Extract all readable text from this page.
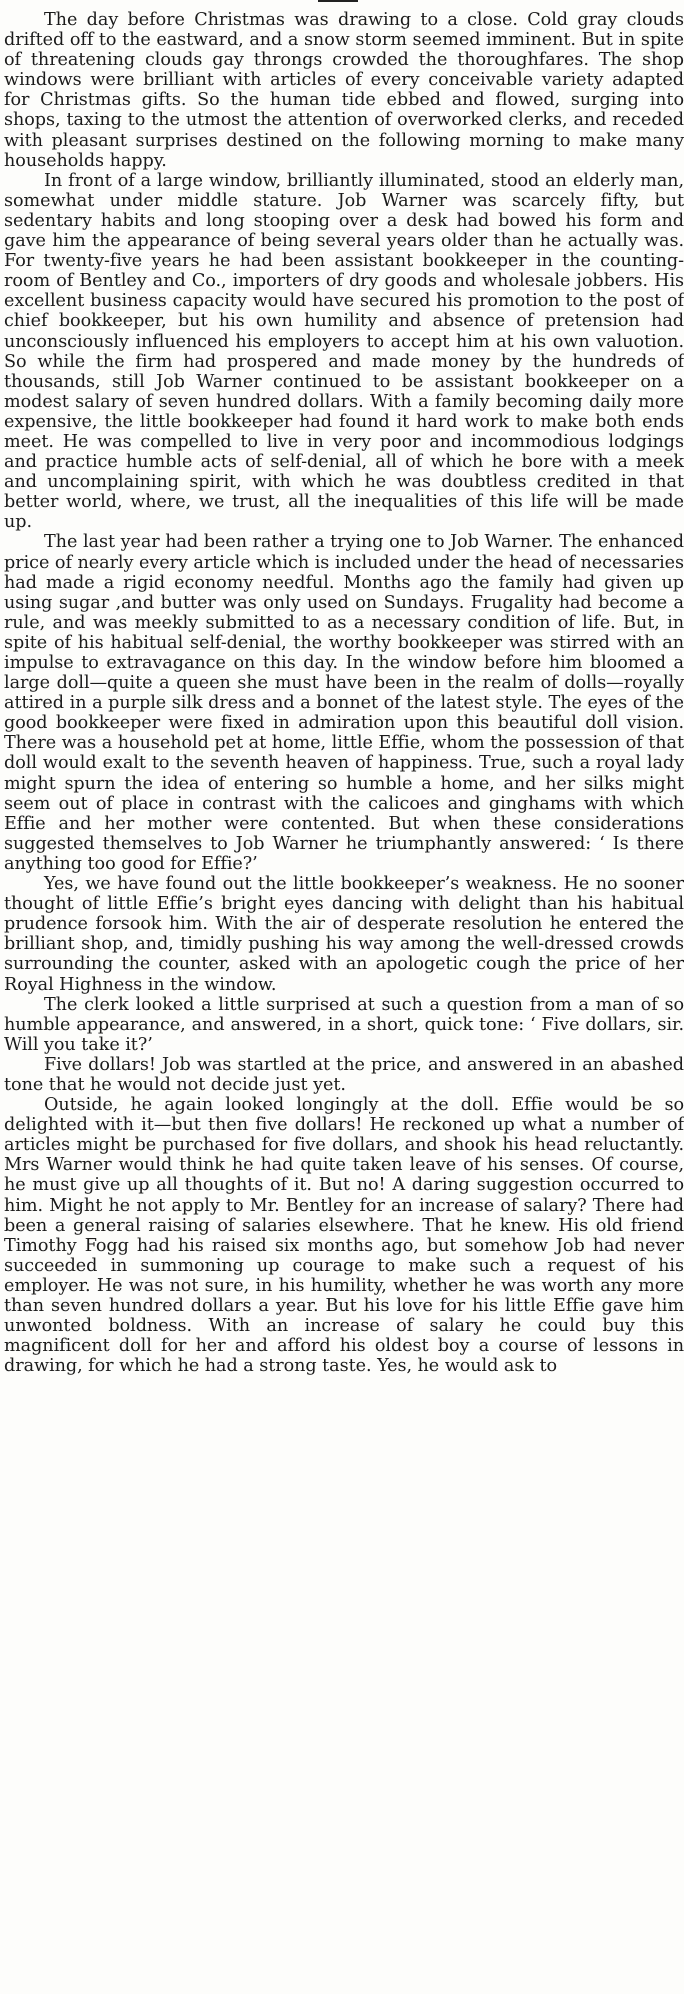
The day before Christmas was drawing to a close. Cold gray clouds drifted off to the eastward, and a snow storm seemed imminent. But in spite of threatening clouds gay throngs crowded the thoroughfares. The shop windows were brilliant with articles of every conceivable variety adapted for Christmas gifts. So the human tide ebbed and flowed, surging into shops, taxing to the utmost the attention of overworked clerks, and receded with pleasant surprises destined on the following morning to make many households happy.

In front of a large window, brilliantly illuminated, stood an elderly man, somewhat under middle stature. Job Warner was scarcely fifty, but sedentary habits and long stooping over a desk had bowed his form and gave him the appearance of being several years older than he actually was. For twenty-five years he had been assistant bookkeeper in the counting-room of Bentley and Co., importers of dry goods and wholesale jobbers. His excellent business capacity would have secured his promotion to the post of chief bookkeeper, but his own humility and absence of pretension had unconsciously influenced his employers to accept him at his own valuotion. So while the firm had prospered and made money by the hundreds of thousands, still Job Warner continued to be assistant bookkeeper on a modest salary of seven hundred dollars. With a family becoming daily more expensive, the little bookkeeper had found it hard work to make both ends meet. He was compelled to live in very poor and incommodious lodgings and practice humble acts of self-denial, all of which he bore with a meek and uncomplaining spirit, with which he was doubtless credited in that better world, where, we trust, all the inequalities of this life will be made up.

The last year had been rather a trying one to Job Warner. The enhanced price of nearly every article which is included under the head of necessaries had made a rigid economy needful. Months ago the family had given up using sugar ,and butter was only used on Sundays. Frugality had become a rule, and was meekly submitted to as a necessary condition of life. But, in spite of his habitual self-denial, the worthy bookkeeper was stirred with an impulse to extravagance on this day. In the window before him bloomed a large doll—quite a queen she must have been in the realm of dolls—royally attired in a purple silk dress and a bonnet of the latest style. The eyes of the good bookkeeper were fixed in admiration upon this beautiful doll vision. There was a household pet at home, little Effie, whom the possession of that doll would exalt to the seventh heaven of happiness. True, such a royal lady might spurn the idea of entering so humble a home, and her silks might seem out of place in contrast with the calicoes and ginghams with which Effie and her mother were contented. But when these considerations suggested themselves to Job Warner he triumphantly answered: ‘ Is there anything too good for Effie?’

Yes, we have found out the little bookkeeper’s weakness. He no sooner thought of little Effie’s bright eyes dancing with delight than his habitual prudence forsook him. With the air of desperate resolution he entered the brilliant shop, and, timidly pushing his way among the well-dressed crowds surrounding the counter, asked with an apologetic cough the price of her Royal Highness in the window.

The clerk looked a little surprised at such a question from a man of so humble appearance, and answered, in a short, quick tone: ‘ Five dollars, sir. Will you take it?’

Five dollars! Job was startled at the price, and answered in an abashed tone that he would not decide just yet.

Outside, he again looked longingly at the doll. Effie would be so delighted with it—but then five dollars! He reckoned up what a number of articles might be purchased for five dollars, and shook his head reluctantly. Mrs Warner would think he had quite taken leave of his senses. Of course, he must give up all thoughts of it. But no! A daring suggestion occurred to him. Might he not apply to Mr. Bentley for an increase of salary? There had been a general raising of salaries elsewhere. That he knew. His old friend Timothy Fogg had his raised six months ago, but somehow Job had never succeeded in summoning up courage to make such a request of his employer. He was not sure, in his humility, whether he was worth any more than seven hundred dollars a year. But his love for his little Effie gave him unwonted boldness. With an increase of salary he could buy this magnificent doll for her and afford his oldest boy a course of lessons in drawing, for which he had a strong taste. Yes, he would ask to
